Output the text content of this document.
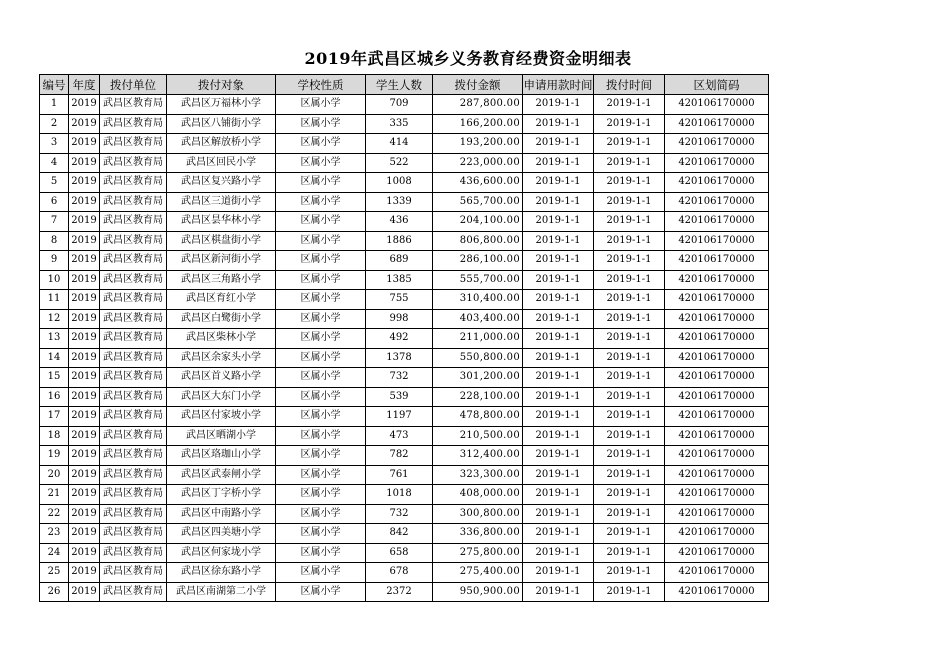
2019年武昌区城乡义务教育经费资金明细表
编号	年度	拨付单位	拨付对象	学校性质	学生人数	拨付金额	申请用款时间	拨付时间	区划简码
1	2019	武昌区教育局	武昌区万福林小学	区属小学	709	287,800.00	2019-1-1	2019-1-1	420106170000
2	2019	武昌区教育局	武昌区八铺街小学	区属小学	335	166,200.00	2019-1-1	2019-1-1	420106170000
3	2019	武昌区教育局	武昌区解放桥小学	区属小学	414	193,200.00	2019-1-1	2019-1-1	420106170000
4	2019	武昌区教育局	武昌区回民小学	区属小学	522	223,000.00	2019-1-1	2019-1-1	420106170000
5	2019	武昌区教育局	武昌区复兴路小学	区属小学	1008	436,600.00	2019-1-1	2019-1-1	420106170000
6	2019	武昌区教育局	武昌区三道街小学	区属小学	1339	565,700.00	2019-1-1	2019-1-1	420106170000
7	2019	武昌区教育局	武昌区昙华林小学	区属小学	436	204,100.00	2019-1-1	2019-1-1	420106170000
8	2019	武昌区教育局	武昌区棋盘街小学	区属小学	1886	806,800.00	2019-1-1	2019-1-1	420106170000
9	2019	武昌区教育局	武昌区新河街小学	区属小学	689	286,100.00	2019-1-1	2019-1-1	420106170000
10	2019	武昌区教育局	武昌区三角路小学	区属小学	1385	555,700.00	2019-1-1	2019-1-1	420106170000
11	2019	武昌区教育局	武昌区育红小学	区属小学	755	310,400.00	2019-1-1	2019-1-1	420106170000
12	2019	武昌区教育局	武昌区白鹭街小学	区属小学	998	403,400.00	2019-1-1	2019-1-1	420106170000
13	2019	武昌区教育局	武昌区柴林小学	区属小学	492	211,000.00	2019-1-1	2019-1-1	420106170000
14	2019	武昌区教育局	武昌区余家头小学	区属小学	1378	550,800.00	2019-1-1	2019-1-1	420106170000
15	2019	武昌区教育局	武昌区首义路小学	区属小学	732	301,200.00	2019-1-1	2019-1-1	420106170000
16	2019	武昌区教育局	武昌区大东门小学	区属小学	539	228,100.00	2019-1-1	2019-1-1	420106170000
17	2019	武昌区教育局	武昌区付家坡小学	区属小学	1197	478,800.00	2019-1-1	2019-1-1	420106170000
18	2019	武昌区教育局	武昌区晒湖小学	区属小学	473	210,500.00	2019-1-1	2019-1-1	420106170000
19	2019	武昌区教育局	武昌区珞珈山小学	区属小学	782	312,400.00	2019-1-1	2019-1-1	420106170000
20	2019	武昌区教育局	武昌区武泰闸小学	区属小学	761	323,300.00	2019-1-1	2019-1-1	420106170000
21	2019	武昌区教育局	武昌区丁字桥小学	区属小学	1018	408,000.00	2019-1-1	2019-1-1	420106170000
22	2019	武昌区教育局	武昌区中南路小学	区属小学	732	300,800.00	2019-1-1	2019-1-1	420106170000
23	2019	武昌区教育局	武昌区四美塘小学	区属小学	842	336,800.00	2019-1-1	2019-1-1	420106170000
24	2019	武昌区教育局	武昌区何家垅小学	区属小学	658	275,800.00	2019-1-1	2019-1-1	420106170000
25	2019	武昌区教育局	武昌区徐东路小学	区属小学	678	275,400.00	2019-1-1	2019-1-1	420106170000
26	2019	武昌区教育局	武昌区南湖第二小学	区属小学	2372	950,900.00	2019-1-1	2019-1-1	420106170000
